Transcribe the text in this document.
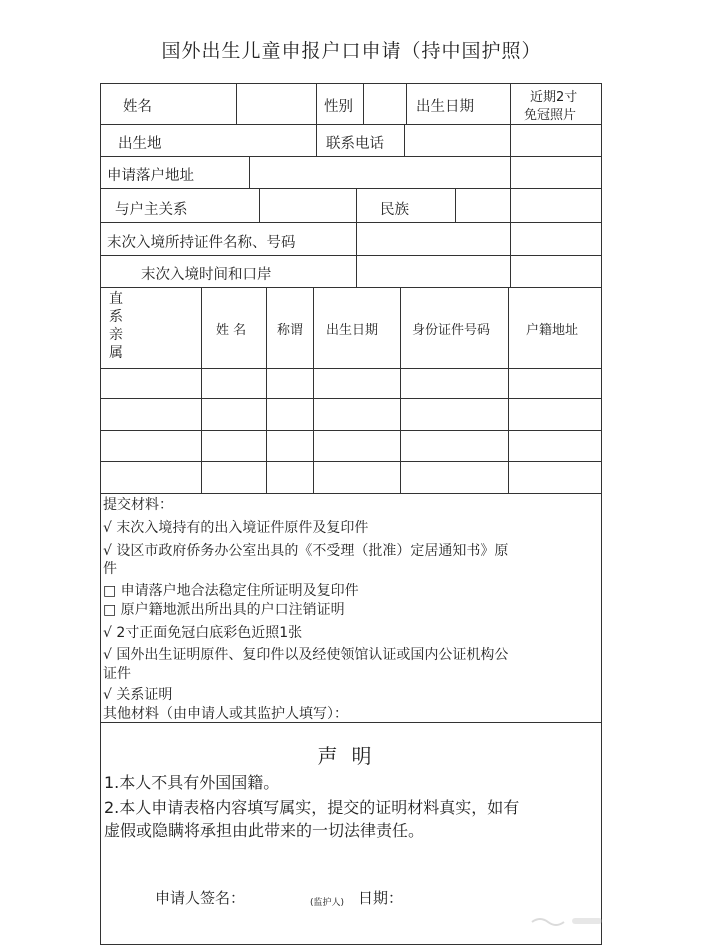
国外出生儿童申报户口申请（持中国护照）
姓名	性别	出生日期
近期2寸
免冠照片
出生地	联系电话
申请落户地址
与户主关系	民族
末次入境所持证件名称、号码
末次入境时间和口岸
直
系
亲
属
姓 名 称谓 出生日期	身份证件号码	户籍地址
提交材料：
√ 末次入境持有的出入境证件原件及复印件
√ 设区市政府侨务办公室出具的《不受理（批准）定居通知书》原
件
□ 申请落户地合法稳定住所证明及复印件
□ 原户籍地派出所出具的户口注销证明
√ 2寸正面免冠白底彩色近照1张
√ 国外出生证明原件、复印件以及经使领馆认证或国内公证机构公
证件
√ 关系证明
其他材料（由申请人或其监护人填写）：
声明
1.本人不具有外国国籍。
2.本人申请表格内容填写属实，提交的证明材料真实，如有
虚假或隐瞒将承担由此带来的一切法律责任。
申请人签名：	(监护人) 日期：
